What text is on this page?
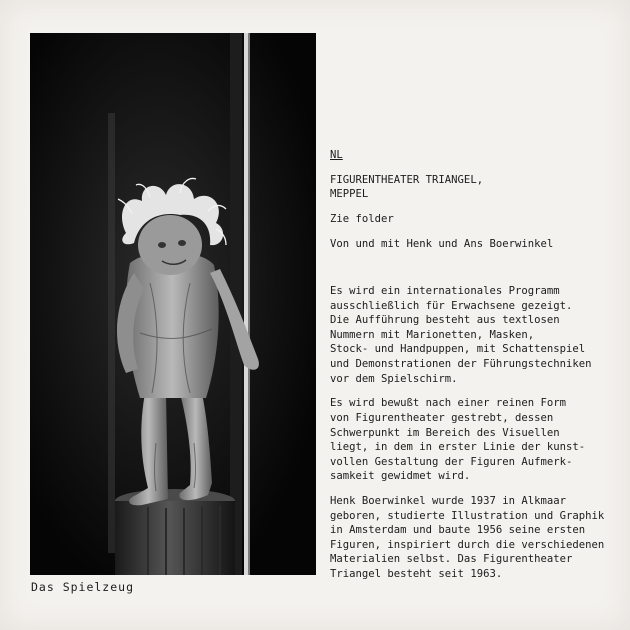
Das Spielzeug
NL
FIGURENTHEATER TRIANGEL,
MEPPEL
Zie folder
Von und mit Henk und Ans Boerwinkel
Es wird ein internationales Programm
ausschließlich für Erwachsene gezeigt.
Die Aufführung besteht aus textlosen
Nummern mit Marionetten, Masken,
Stock- und Handpuppen, mit Schattenspiel
und Demonstrationen der Führungstechniken
vor dem Spielschirm.
Es wird bewußt nach einer reinen Form
von Figurentheater gestrebt, dessen
Schwerpunkt im Bereich des Visuellen
liegt, in dem in erster Linie der kunst-
vollen Gestaltung der Figuren Aufmerk-
samkeit gewidmet wird.
Henk Boerwinkel wurde 1937 in Alkmaar
geboren, studierte Illustration und Graphik
in Amsterdam und baute 1956 seine ersten
Figuren, inspiriert durch die verschiedenen
Materialien selbst. Das Figurentheater
Triangel besteht seit 1963.
